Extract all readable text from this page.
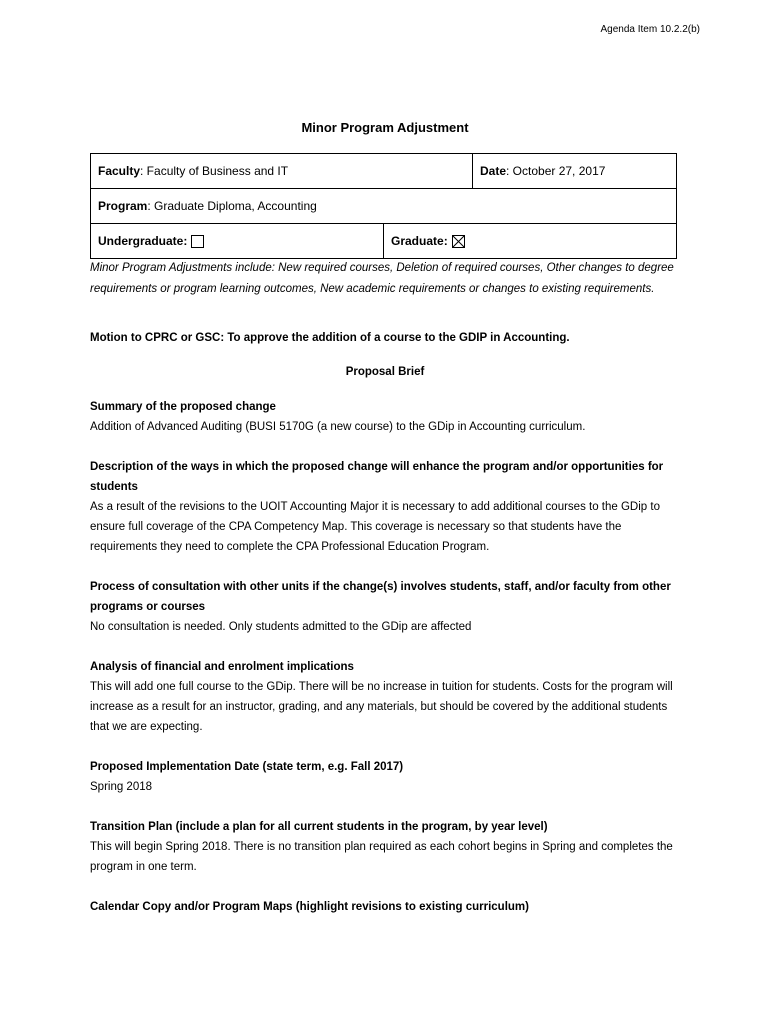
Agenda Item 10.2.2(b)
Minor Program Adjustment
Faculty : Faculty of Business and IT	Date : October 27, 2017
Program : Graduate Diploma, Accounting
Undergraduate :	Graduate :
Minor Program Adjustments include: New required courses, Deletion of required courses, Other changes to degree requirements or program learning outcomes, New academic requirements or changes to existing requirements.
Motion to CPRC or GSC: To approve the addition of a course to the GDIP in Accounting.
Proposal Brief
Summary of the proposed change
Addition of Advanced Auditing (BUSI 5170G (a new course) to the GDip in Accounting curriculum.
Description of the ways in which the proposed change will enhance the program and/or opportunities for students
As a result of the revisions to the UOIT Accounting Major it is necessary to add additional courses to the GDip to ensure full coverage of the CPA Competency Map. This coverage is necessary so that students have the requirements they need to complete the CPA Professional Education Program.
Process of consultation with other units if the change(s) involves students, staff, and/or faculty from other programs or courses
No consultation is needed. Only students admitted to the GDip are affected
Analysis of financial and enrolment implications
This will add one full course to the GDip. There will be no increase in tuition for students. Costs for the program will increase as a result for an instructor, grading, and any materials, but should be covered by the additional students that we are expecting.
Proposed Implementation Date (state term, e.g. Fall 2017)
Spring 2018
Transition Plan (include a plan for all current students in the program, by year level)
This will begin Spring 2018. There is no transition plan required as each cohort begins in Spring and completes the program in one term.
Calendar Copy and/or Program Maps (highlight revisions to existing curriculum)
